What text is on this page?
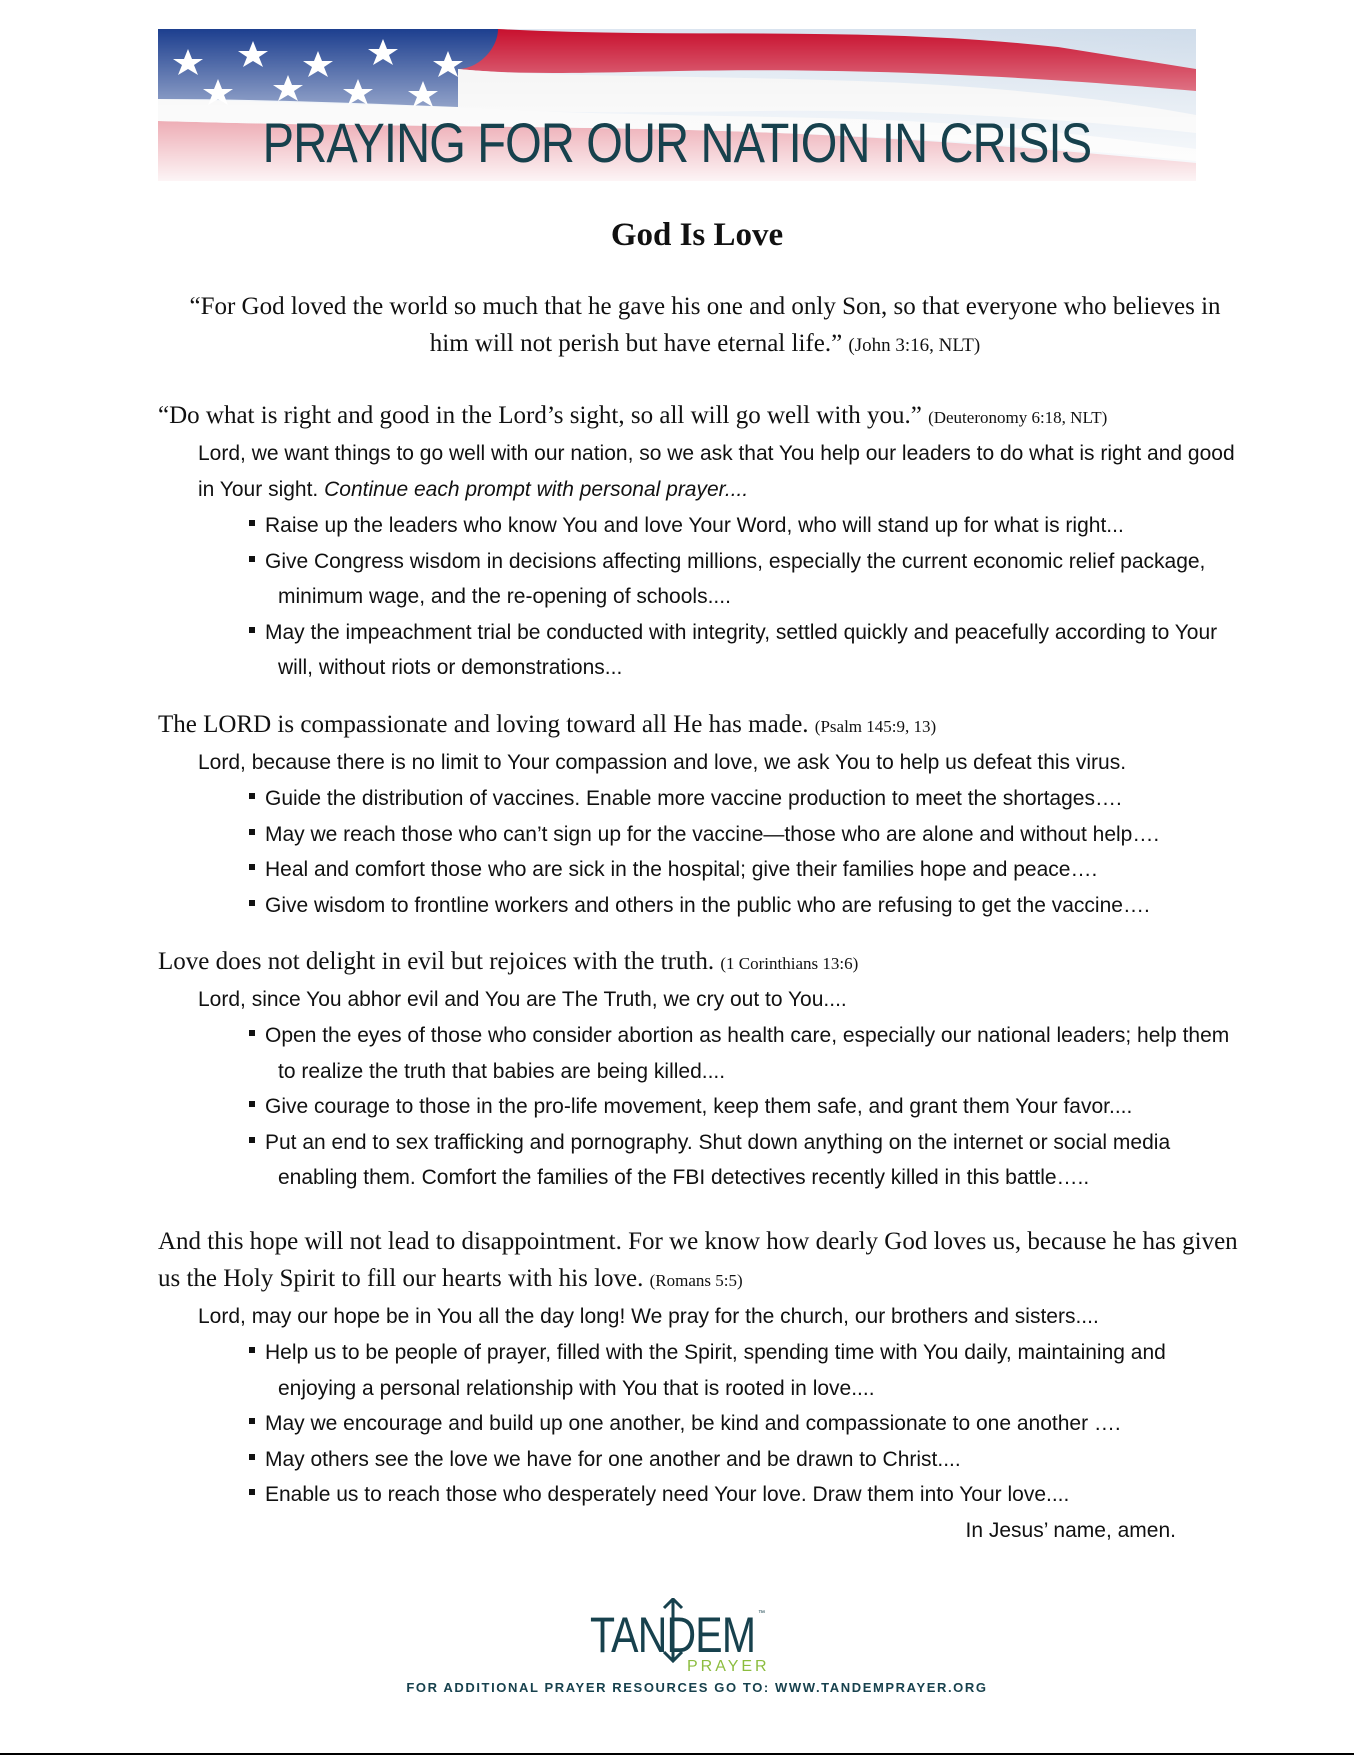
PRAYING FOR OUR NATION IN CRISIS
God Is Love
“For God loved the world so much that he gave his one and only Son, so that everyone who believes in him will not perish but have eternal life.” (John 3:16, NLT)
“Do what is right and good in the Lord’s sight, so all will go well with you.” (Deuteronomy 6:18, NLT)
Lord, we want things to go well with our nation, so we ask that You help our leaders to do what is right and good in Your sight. Continue each prompt with personal prayer....
Raise up the leaders who know You and love Your Word, who will stand up for what is right...
Give Congress wisdom in decisions affecting millions, especially the current economic relief package, minimum wage, and the re-opening of schools....
May the impeachment trial be conducted with integrity, settled quickly and peacefully according to Your will, without riots or demonstrations...
The LORD is compassionate and loving toward all He has made. (Psalm 145:9, 13)
Lord, because there is no limit to Your compassion and love, we ask You to help us defeat this virus.
Guide the distribution of vaccines. Enable more vaccine production to meet the shortages….
May we reach those who can’t sign up for the vaccine—those who are alone and without help….
Heal and comfort those who are sick in the hospital; give their families hope and peace….
Give wisdom to frontline workers and others in the public who are refusing to get the vaccine….
Love does not delight in evil but rejoices with the truth. (1 Corinthians 13:6)
Lord, since You abhor evil and You are The Truth, we cry out to You....
Open the eyes of those who consider abortion as health care, especially our national leaders; help them to realize the truth that babies are being killed....
Give courage to those in the pro-life movement, keep them safe, and grant them Your favor....
Put an end to sex trafficking and pornography. Shut down anything on the internet or social media enabling them. Comfort the families of the FBI detectives recently killed in this battle…..
And this hope will not lead to disappointment. For we know how dearly God loves us, because he has given us the Holy Spirit to fill our hearts with his love. (Romans 5:5)
Lord, may our hope be in You all the day long! We pray for the church, our brothers and sisters....
Help us to be people of prayer, filled with the Spirit, spending time with You daily, maintaining and enjoying a personal relationship with You that is rooted in love....
May we encourage and build up one another, be kind and compassionate to one another ….
May others see the love we have for one another and be drawn to Christ....
Enable us to reach those who desperately need Your love. Draw them into Your love....
In Jesus’ name, amen.
TANDEM ™
PRAYER
FOR ADDITIONAL PRAYER RESOURCES GO TO: WWW.TANDEMPRAYER.ORG
